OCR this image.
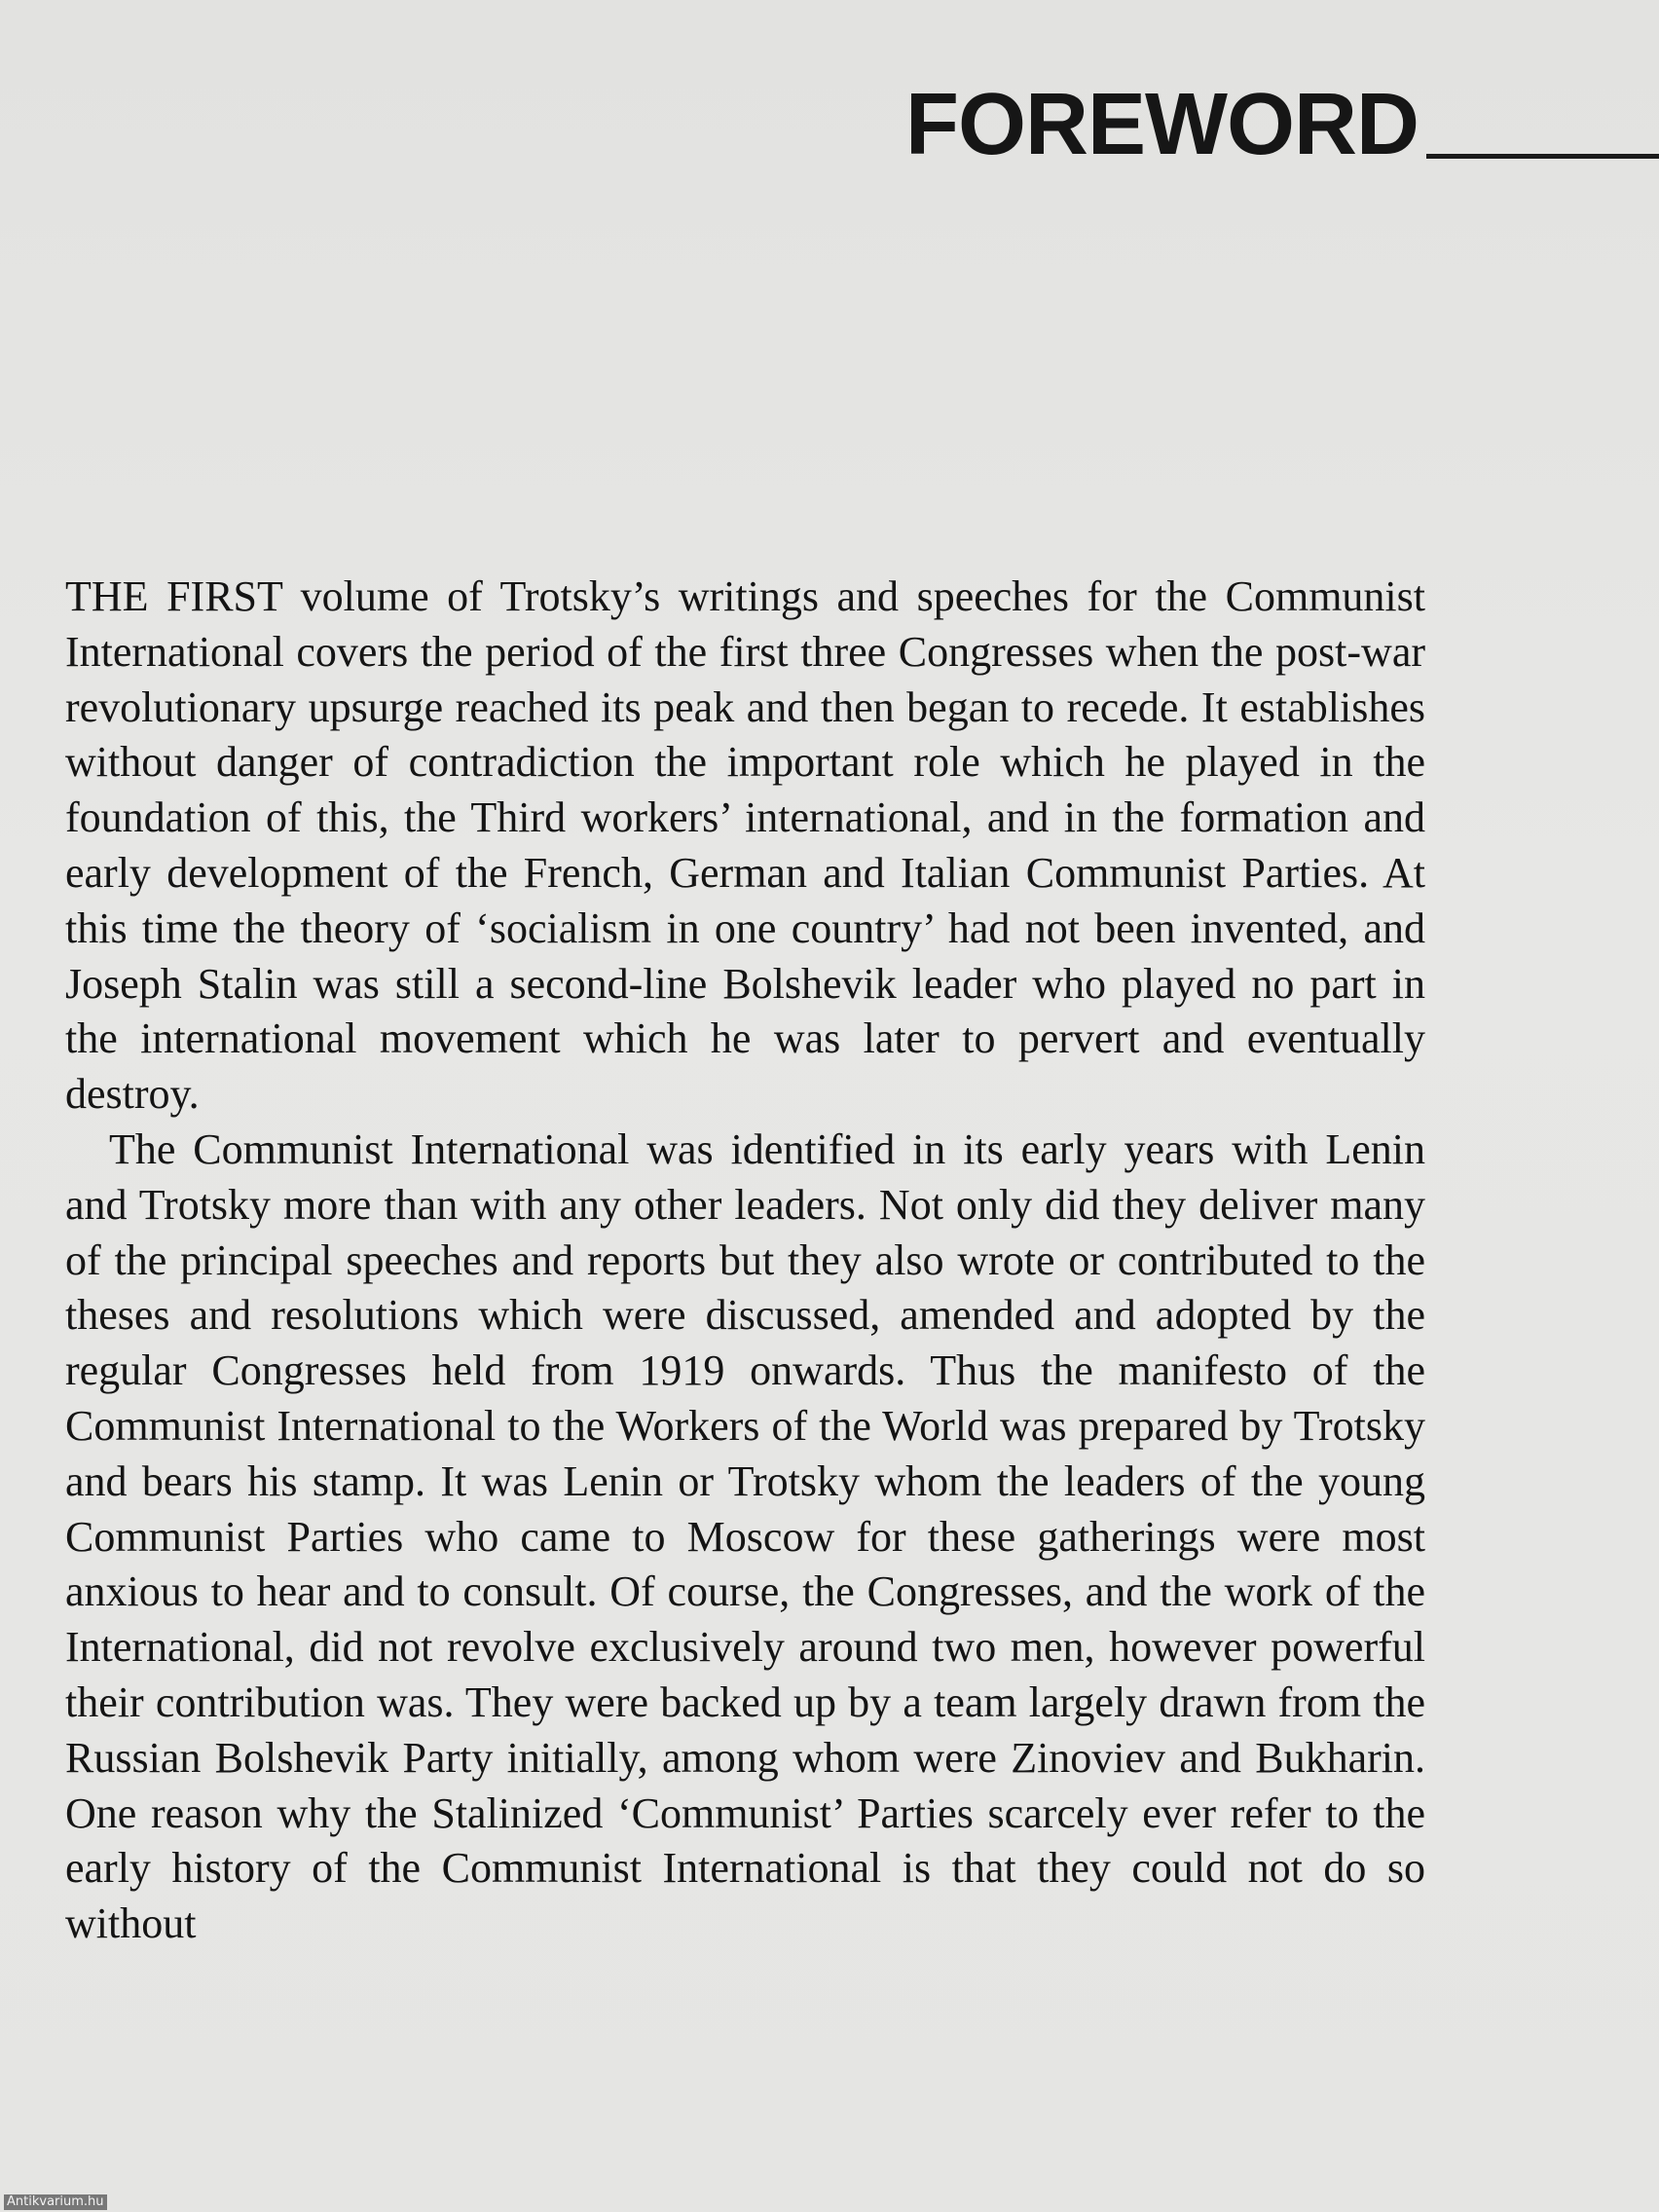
FOREWORD

THE FIRST volume of Trotsky’s writings and speeches for the Communist International covers the period of the first three Congresses when the post-war revolutionary upsurge reached its peak and then began to recede. It establishes without danger of contradiction the important role which he played in the foundation of this, the Third workers’ international, and in the formation and early development of the French, German and Italian Communist Parties. At this time the theory of ‘socialism in one country’ had not been invented, and Joseph Stalin was still a second-line Bolshevik leader who played no part in the international movement which he was later to pervert and eventually destroy.

The Communist International was identified in its early years with Lenin and Trotsky more than with any other leaders. Not only did they deliver many of the principal speeches and reports but they also wrote or contributed to the theses and resolutions which were discussed, amended and adopted by the regular Congresses held from 1919 onwards. Thus the manifesto of the Communist International to the Workers of the World was prepared by Trotsky and bears his stamp. It was Lenin or Trotsky whom the leaders of the young Communist Parties who came to Moscow for these gatherings were most anxious to hear and to consult. Of course, the Congresses, and the work of the International, did not revolve exclusively around two men, however powerful their contribution was. They were backed up by a team largely drawn from the Russian Bolshevik Party initially, among whom were Zinoviev and Bukharin. One reason why the Stalinized ‘Communist’ Parties scarcely ever refer to the early history of the Communist International is that they could not do so without

Antikvarium.hu
